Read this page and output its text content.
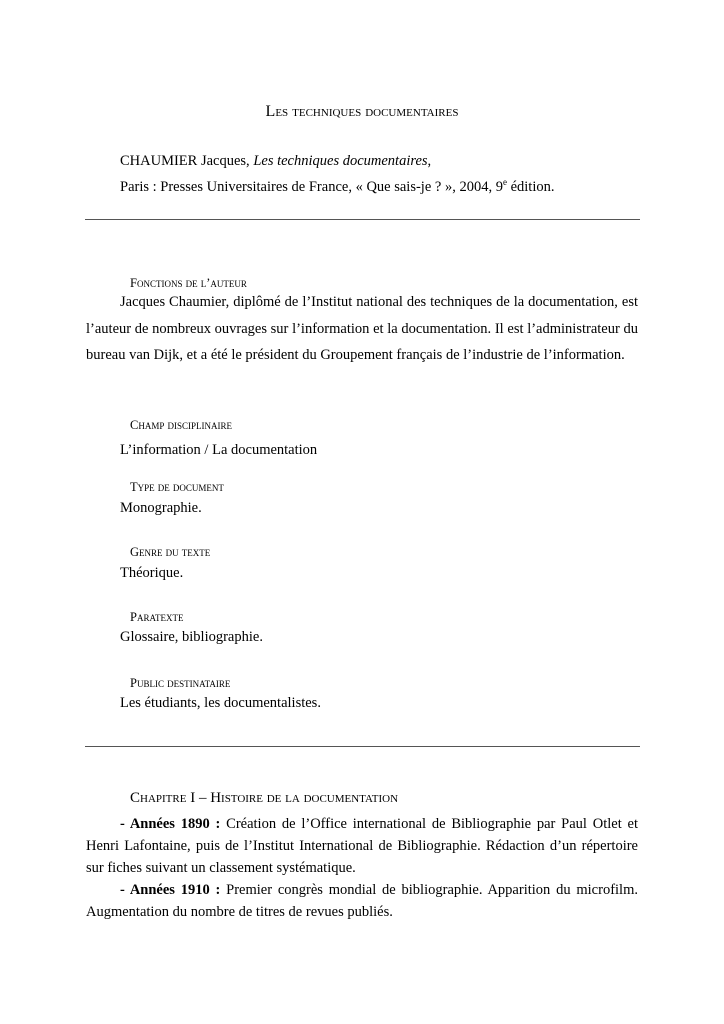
Les techniques documentaires
CHAUMIER Jacques, Les techniques documentaires,
Paris : Presses Universitaires de France, « Que sais-je ? », 2004, 9e édition.
Fonctions de l’auteur

Jacques Chaumier, diplômé de l’Institut national des techniques de la documentation, est l’auteur de nombreux ouvrages sur l’information et la documentation. Il est l’administrateur du bureau van Dijk, et a été le président du Groupement français de l’industrie de l’information.

Champ disciplinaire
L’information / La documentation
Type de document
Monographie.
Genre du texte
Théorique.
Paratexte
Glossaire, bibliographie.
Public destinataire
Les étudiants, les documentalistes.
Chapitre I – Histoire de la documentation

- Années 1890 : Création de l’Office international de Bibliographie par Paul Otlet et Henri Lafontaine, puis de l’Institut International de Bibliographie. Rédaction d’un répertoire sur fiches suivant un classement systématique.

- Années 1910 : Premier congrès mondial de bibliographie. Apparition du microfilm. Augmentation du nombre de titres de revues publiés.
